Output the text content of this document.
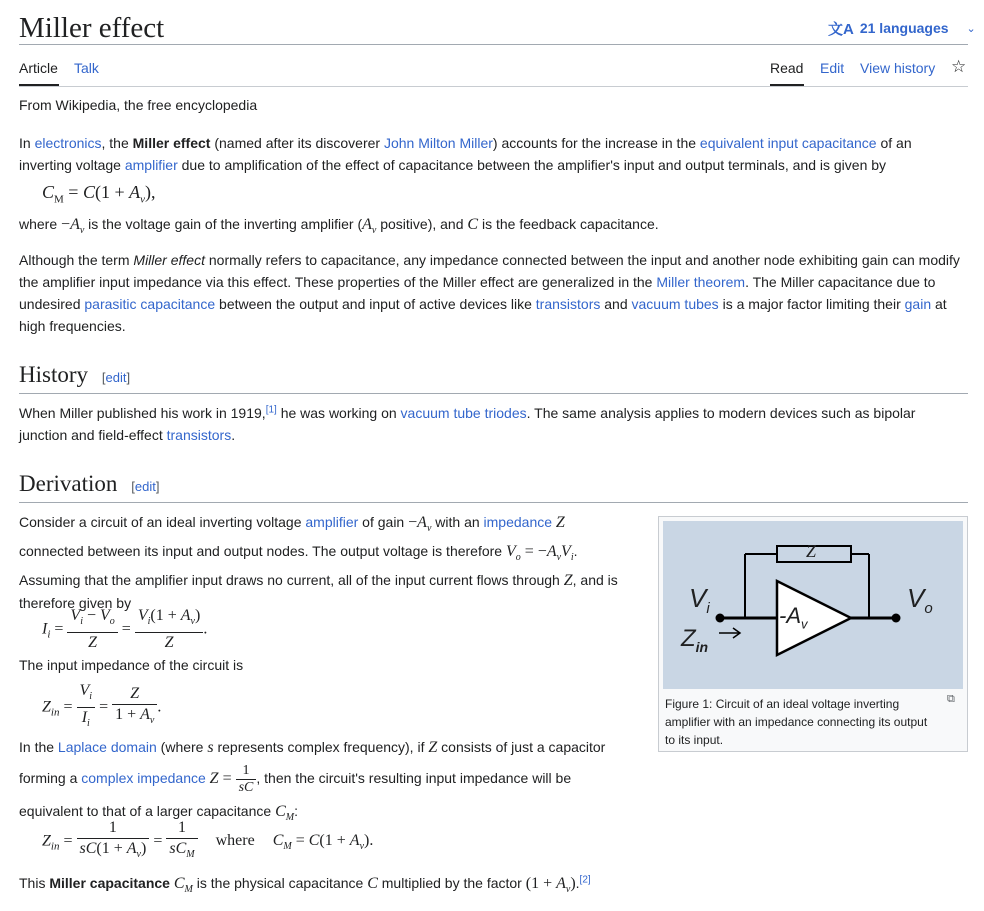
Miller effect	文A 21 languages ⌄
Article Talk	Read Edit View history ☆
From Wikipedia, the free encyclopedia
In electronics, the Miller effect (named after its discoverer John Milton Miller) accounts for the increase in the equivalent input capacitance of an
inverting voltage amplifier due to amplification of the effect of capacitance between the amplifier's input and output terminals, and is given by
$C_M = C(1 + A_v)$,
where $-A_v$ is the voltage gain of the inverting amplifier ($A_v$ positive), and C is the feedback capacitance.
Although the term Miller effect normally refers to capacitance, any impedance connected between the input and another node exhibiting gain can modify
the amplifier input impedance via this effect. These properties of the Miller effect are generalized in the Miller theorem. The Miller capacitance due to
undesired parasitic capacitance between the output and input of active devices like transistors and vacuum tubes is a major factor limiting their gain at
high frequencies.
History [edit]
When Miller published his work in 1919,[1] he was working on vacuum tube triodes. The same analysis applies to modern devices such as bipolar
junction and field-effect transistors.
Derivation [edit]
Consider a circuit of an ideal inverting voltage amplifier of gain $-A_v$ with an impedance Z
connected between its input and output nodes. The output voltage is therefore $V_o = -A_vV_i$.
Assuming that the amplifier input draws no current, all of the input current flows through Z, and is
therefore given by
$I_i = \frac{V_i - V_o}{Z} = \frac{V_i(1 + A_v)}{Z}$ .
The input impedance of the circuit is
$Z_{in} = \frac{V_i}{I_i} = \frac{Z}{1 + A_v}$ .
In the Laplace domain (where s represents complex frequency), if Z consists of just a capacitor
forming a complex impedance $Z = \frac{1}{sC}$ , then the circuit's resulting input impedance will be
equivalent to that of a larger capacitance $C_M$:
$Z_{in} = \frac{1}{sC(1 + A_v)} = \frac{1}{sC_M}$ where $C_M = C(1 + A_v)$.
This Miller capacitance $C_M$ is the physical capacitance C multiplied by the factor $(1 + A_v).[2]$
Z
$V_i$	$V_o$
$Z_{in}$
$-A_v$
Figure 1: Circuit of an ideal voltage inverting amplifier with an impedance connecting its output to its input.
⧉
